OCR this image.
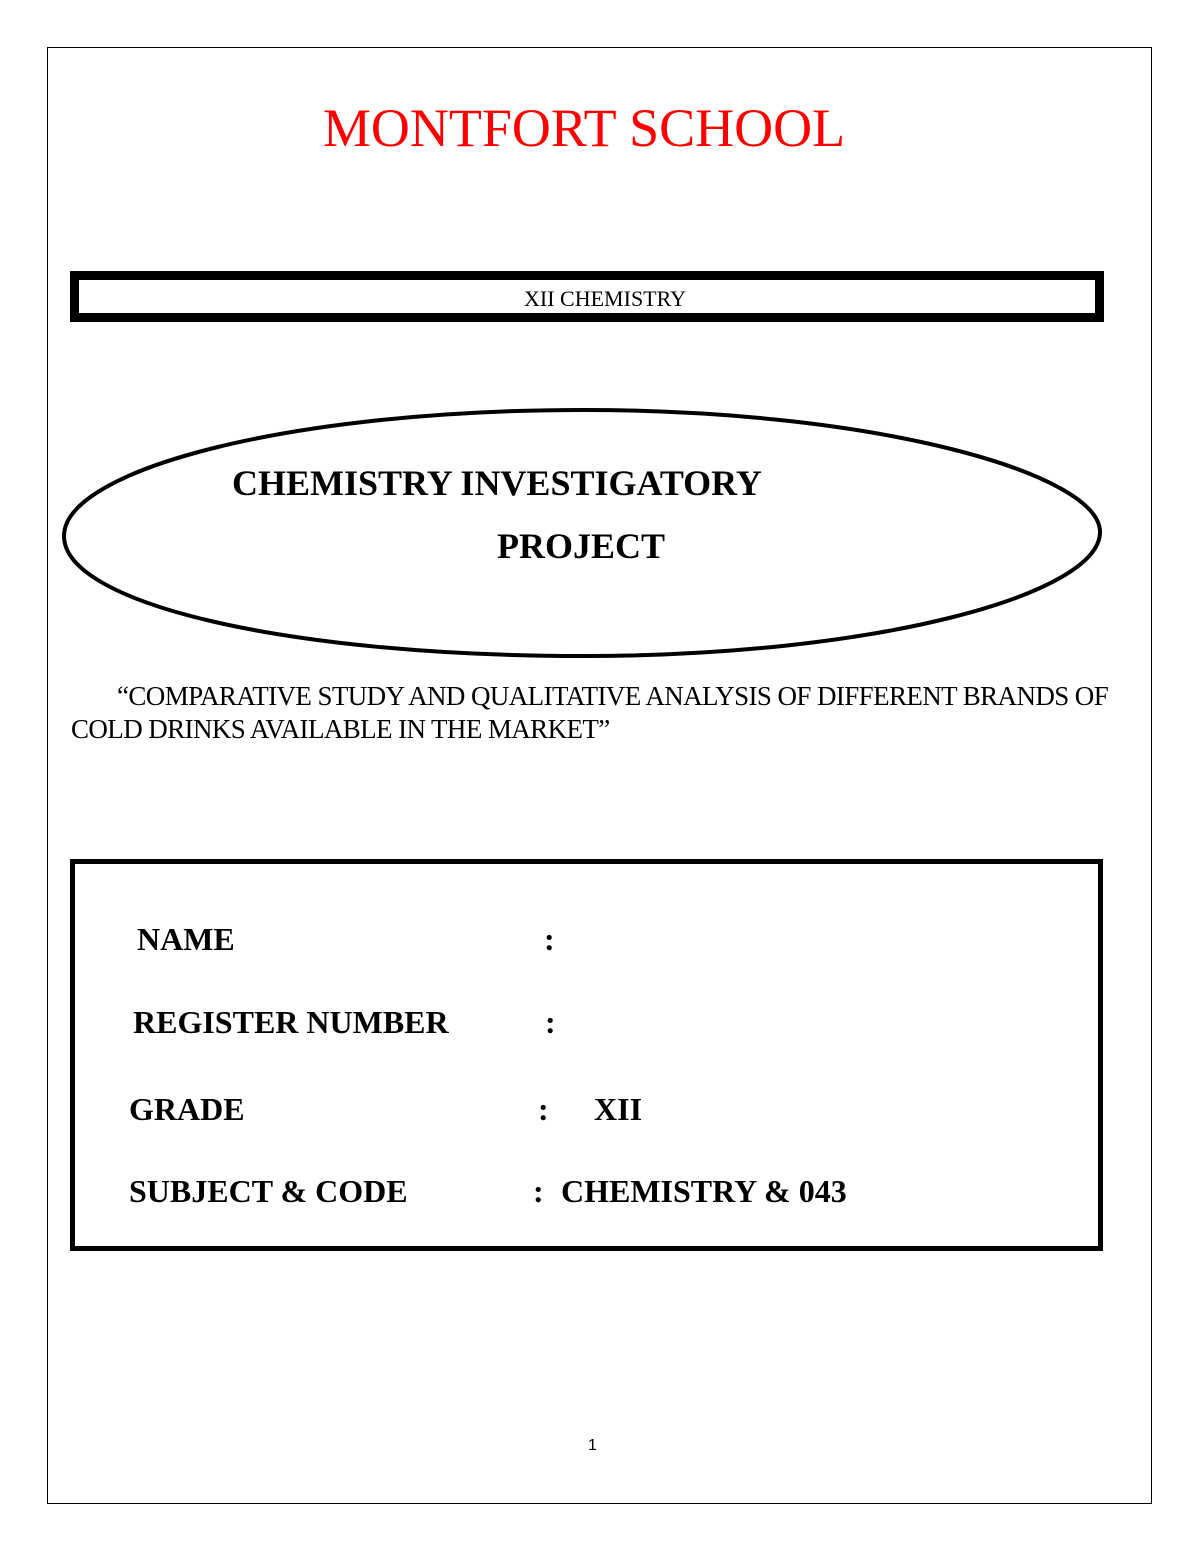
MONTFORT SCHOOL
XII CHEMISTRY
CHEMISTRY INVESTIGATORY
PROJECT
“COMPARATIVE STUDY AND QUALITATIVE ANALYSIS OF DIFFERENT BRANDS OF COLD DRINKS AVAILABLE IN THE MARKET”
NAME	:
REGISTER NUMBER	:
GRADE	: XII
SUBJECT & CODE	: CHEMISTRY & 043
1
